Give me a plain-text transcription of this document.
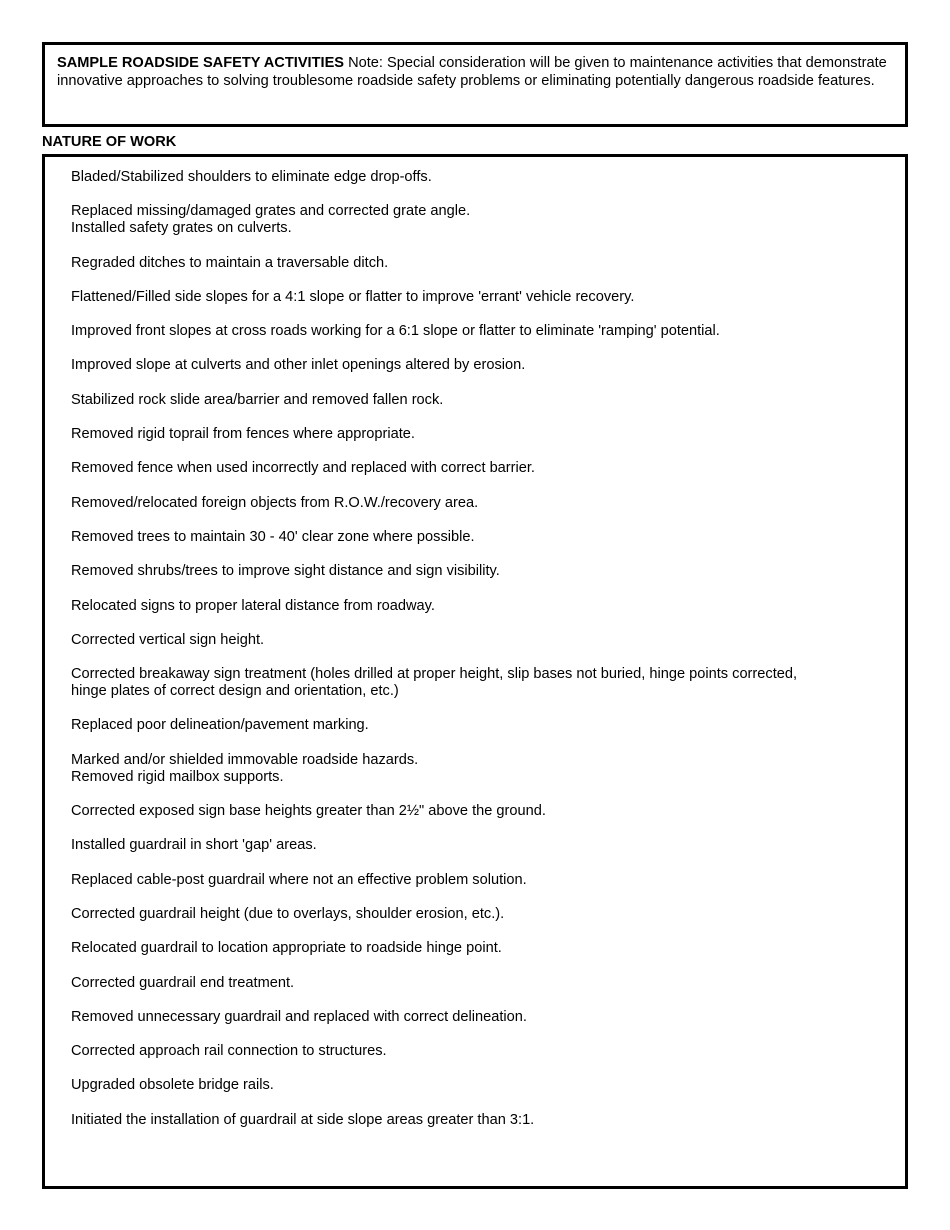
SAMPLE ROADSIDE SAFETY ACTIVITIES Note: Special consideration will be given to maintenance activities that demonstrate innovative approaches to solving troublesome roadside safety problems or eliminating potentially dangerous roadside features.
NATURE OF WORK
Bladed/Stabilized shoulders to eliminate edge drop-offs.
Replaced missing/damaged grates and corrected grate angle.
Installed safety grates on culverts.
Regraded ditches to maintain a traversable ditch.
Flattened/Filled side slopes for a 4:1 slope or flatter to improve 'errant' vehicle recovery.
Improved front slopes at cross roads working for a 6:1 slope or flatter to eliminate 'ramping' potential.
Improved slope at culverts and other inlet openings altered by erosion.
Stabilized rock slide area/barrier and removed fallen rock.
Removed rigid toprail from fences where appropriate.
Removed fence when used incorrectly and replaced with correct barrier.
Removed/relocated foreign objects from R.O.W./recovery area.
Removed trees to maintain 30 - 40' clear zone where possible.
Removed shrubs/trees to improve sight distance and sign visibility.
Relocated signs to proper lateral distance from roadway.
Corrected vertical sign height.
Corrected breakaway sign treatment (holes drilled at proper height, slip bases not buried, hinge points corrected,
hinge plates of correct design and orientation, etc.)
Replaced poor delineation/pavement marking.
Marked and/or shielded immovable roadside hazards.
Removed rigid mailbox supports.
Corrected exposed sign base heights greater than 2½" above the ground.
Installed guardrail in short 'gap' areas.
Replaced cable-post guardrail where not an effective problem solution.
Corrected guardrail height (due to overlays, shoulder erosion, etc.).
Relocated guardrail to location appropriate to roadside hinge point.
Corrected guardrail end treatment.
Removed unnecessary guardrail and replaced with correct delineation.
Corrected approach rail connection to structures.
Upgraded obsolete bridge rails.
Initiated the installation of guardrail at side slope areas greater than 3:1.
